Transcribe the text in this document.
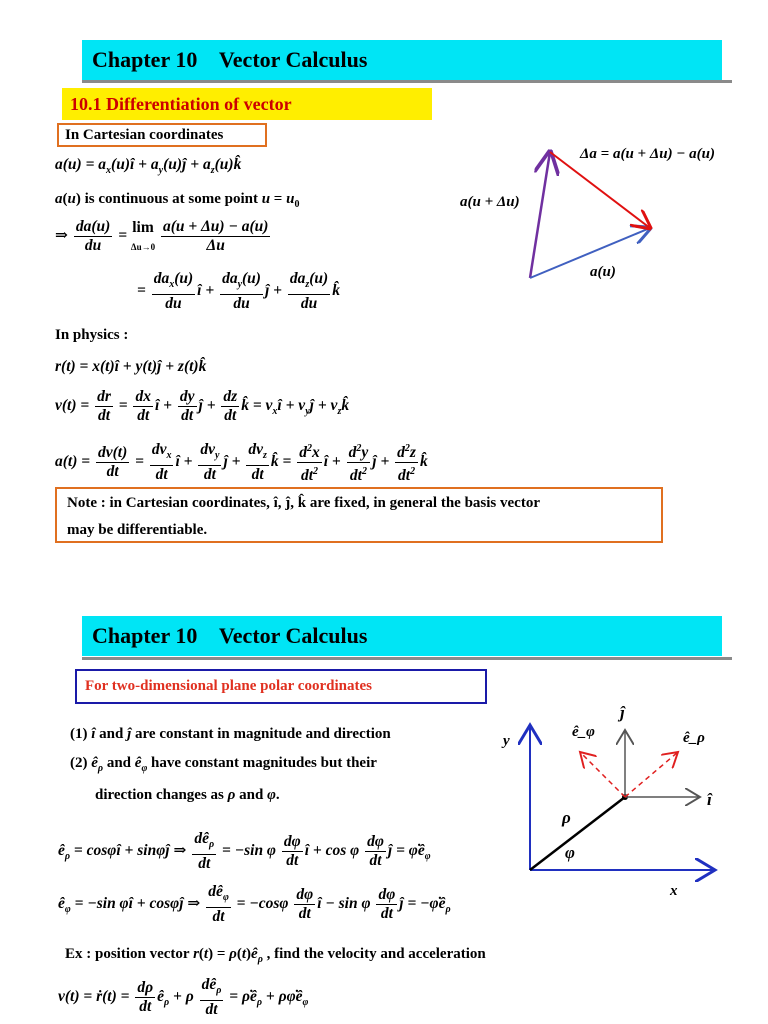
Chapter 10    Vector Calculus
10.1 Differentiation of vector
In Cartesian coordinates
$a(u) = a_x(u)î$ + $a_y(u)ĵ$ + $a_z(u)k̂$
a(u) is continuous at some point $u = u_0$
⇒ $\frac{da(u)}{du} = \lim$
$\Delta u\to 0 \frac{a(u + \Delta u) - a(u)}{\Delta u}$
= $\frac{da_x(u)}{du}$ î + $\frac{da_y(u)}{du}$ ĵ + $\frac{da_z(u)}{du}$ k̂
In physics :
r(t) = x(t)î + y(t)ĵ + z(t)k̂
$v(t) = \frac{dr}{dt} = \frac{dx}{dt}$ î + $\frac{dy}{dt}$ ĵ + $\frac{dz}{dt}$ k̂ = $v_xî$ + $v_yĵ$ + $v_zk̂$
$a(t) = \frac{dv(t)}{dt} = \frac{dv_x}{dt}$ î + $\frac{dv_y}{dt}$ ĵ + $\frac{dv_z}{dt}$ k̂ = $\frac{d^2x}{dt^2}$ î + $\frac{d^2y}{dt^2}$ ĵ + $\frac{d^2z}{dt^2}$ k̂
Note : in Cartesian coordinates, î, ĵ, k̂ are fixed, in general the basis vector
may be differentiable.
Δa = a(u + Δu) − a(u)
a(u + Δu)
a(u)
Chapter 10    Vector Calculus
For two-dimensional plane polar coordinates
(1) î and ĵ are constant in magnitude and direction
(2) $ê_\rho$ and $ê_\varphi$ have constant magnitudes but their
direction changes as ρ and φ.
$ê_\rho$ = cosφî + sinφĵ ⇒ $\frac{dê_\rho}{dt} = -\sin$ φ $\frac{d\varphi}{dt}$ î + cos φ $\frac{d\varphi}{dt}$ ĵ = $\varphi̇ê_\varphi$
$ê_\varphi = -\sin$ φî + cosφĵ ⇒ $\frac{dê_\varphi}{dt} = -\cos\varphi \frac{d\varphi}{dt}$ î − sin φ $\frac{d\varphi}{dt}$ ĵ = $-\varphi̇ê_\rho$
Ex : position vector $r(t) = \rho(t)ê_\rho$ , find the velocity and acceleration
v(t) = ṙ(t) = $\frac{d\rho}{dt}$ $ê_\rho + \rho \frac{dê_\rho}{dt}$ = $\rhȯê_\rho$ + $\rho\varphi̇ê_\varphi$
y
x
î
ĵ
ê_ρ
ê_φ
ρ
φ
